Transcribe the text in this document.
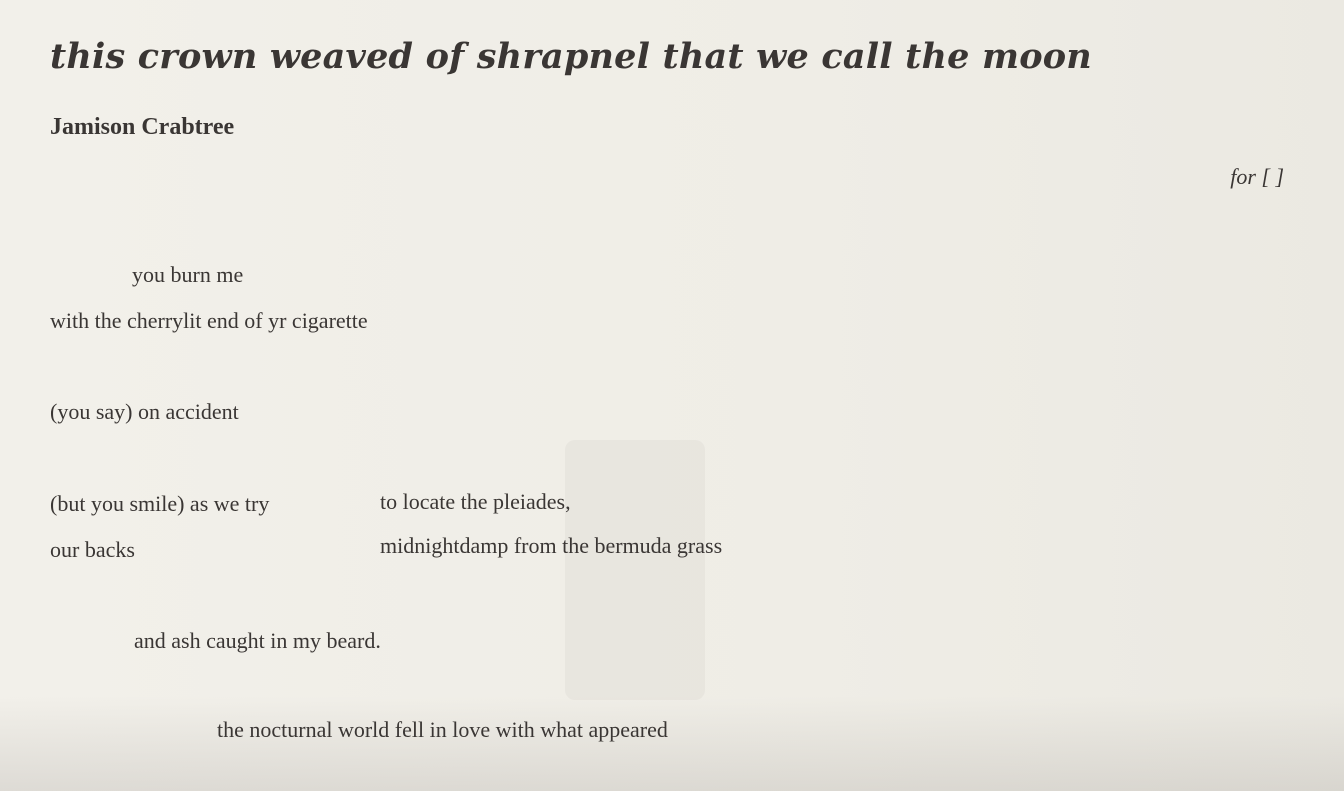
this crown weaved of shrapnel that we call the moon
Jamison Crabtree
for [ ]
you burn me
with the cherrylit end of yr cigarette
(you say) on accident
(but you smile) as we try	to locate the pleiades,
our backs	midnightdamp from the bermuda grass
and ash caught in my beard.
the nocturnal world fell in love with what appeared
